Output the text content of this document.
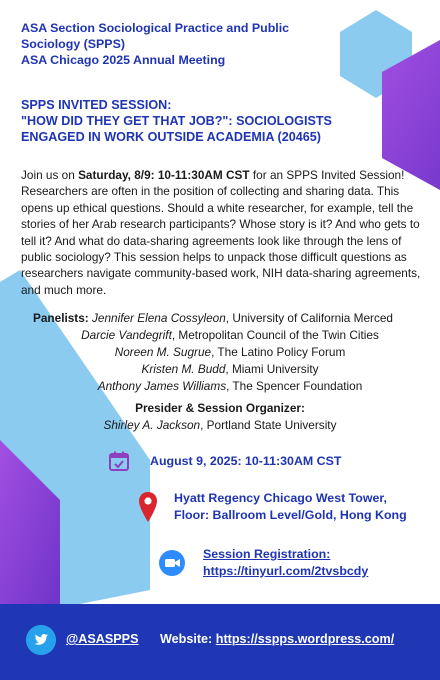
ASA Section Sociological Practice and Public
Sociology (SPPS)
ASA Chicago 2025 Annual Meeting
SPPS INVITED SESSION:
"HOW DID THEY GET THAT JOB?": SOCIOLOGISTS
ENGAGED IN WORK OUTSIDE ACADEMIA (20465)
Join us on Saturday, 8/9: 10-11:30AM CST for an SPPS Invited Session! Researchers are often in the position of collecting and sharing data. This opens up ethical questions. Should a white researcher, for example, tell the stories of her Arab research participants? Whose story is it? And who gets to tell it? And what do data-sharing agreements look like through the lens of public sociology? This session helps to unpack those difficult questions as researchers navigate community-based work, NIH data-sharing agreements, and much more.
Panelists: Jennifer Elena Cossyleon, University of California Merced
Darcie Vandegrift, Metropolitan Council of the Twin Cities
Noreen M. Sugrue, The Latino Policy Forum
Kristen M. Budd, Miami University
Anthony James Williams, The Spencer Foundation
Presider & Session Organizer:
Shirley A. Jackson, Portland State University
August 9, 2025: 10-11:30AM CST
Hyatt Regency Chicago West Tower,
Floor: Ballroom Level/Gold, Hong Kong
Session Registration:
https://tinyurl.com/2tvsbcdy
@ASASPPS Website: https://sspps.wordpress.com/
